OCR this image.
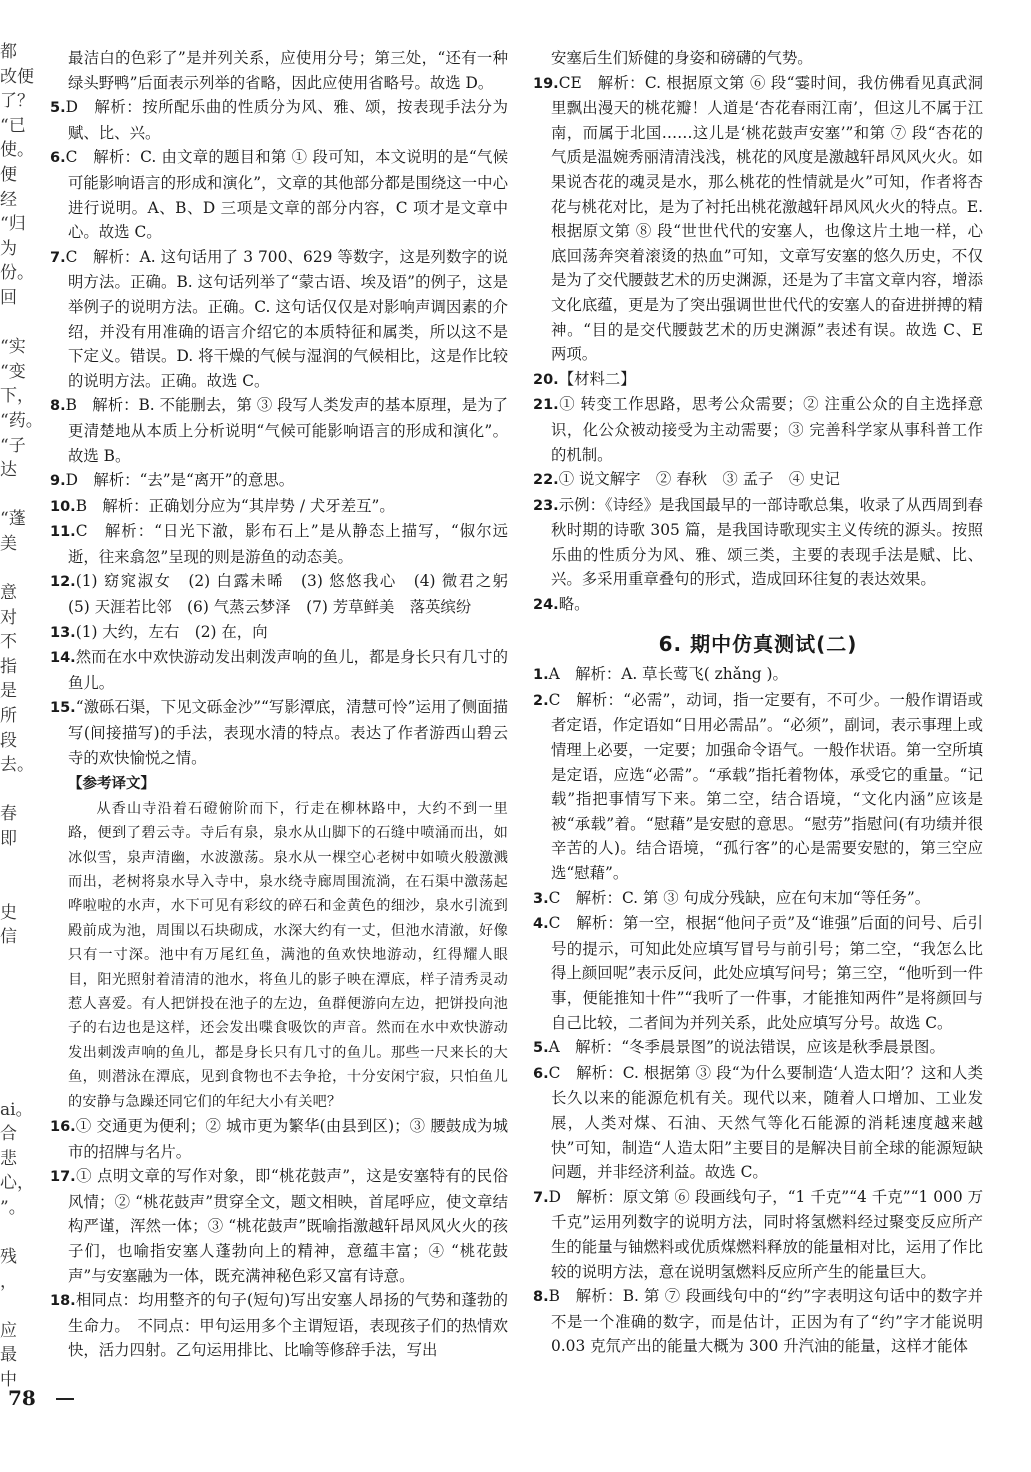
都
改便
了？
“已
使。
便
经
“归
为
份。
回
“实
“变
下，
“药。
“子
达
“蓬
美
意
对
不
指
是
所
段
去。
春
即
史
信
ai。
合
悲
心，
”。
残
，
应
最
中

最洁白的色彩了”是并列关系，应使用分号；第三处，“还有一种绿头野鸭”后面表示列举的省略，因此应使用省略号。故选 D。

5.D　解析：按所配乐曲的性质分为风、雅、颂，按表现手法分为赋、比、兴。

6.C　解析：C. 由文章的题目和第 ① 段可知，本文说明的是“气候可能影响语言的形成和演化”，文章的其他部分都是围绕这一中心进行说明。A、B、D 三项是文章的部分内容，C 项才是文章中心。故选 C。

7.C　解析：A. 这句话用了 3 700、629 等数字，这是列数字的说明方法。正确。B. 这句话列举了“蒙古语、埃及语”的例子，这是举例子的说明方法。正确。C. 这句话仅仅是对影响声调因素的介绍，并没有用准确的语言介绍它的本质特征和属类，所以这不是下定义。错误。D. 将干燥的气候与湿润的气候相比，这是作比较的说明方法。正确。故选 C。

8.B　解析：B. 不能删去，第 ③ 段写人类发声的基本原理，是为了更清楚地从本质上分析说明“气候可能影响语言的形成和演化”。故选 B。

9.D　解析：“去”是“离开”的意思。

10.B　解析：正确划分应为“其岸势 / 犬牙差互”。

11.C　解析：“日光下澈，影布石上”是从静态上描写，“俶尔远逝，往来翕忽”呈现的则是游鱼的动态美。

12.(1) 窈窕淑女　(2) 白露未晞　(3) 悠悠我心　(4) 微君之躬　(5) 天涯若比邻　(6) 气蒸云梦泽　(7) 芳草鲜美　落英缤纷

13.(1) 大约，左右　(2) 在，向

14.然而在水中欢快游动发出刺泼声响的鱼儿，都是身长只有几寸的鱼儿。

15.“激砾石渠，下见文砾金沙”“写影潭底，清慧可怜”运用了侧面描写(间接描写)的手法，表现水清的特点。表达了作者游西山碧云寺的欢快愉悦之情。

【参考译文】

从香山寺沿着石磴俯阶而下，行走在柳林路中，大约不到一里路，便到了碧云寺。寺后有泉，泉水从山脚下的石缝中喷涌而出，如冰似雪，泉声清幽，水波激荡。泉水从一棵空心老树中如喷火般激溅而出，老树将泉水导入寺中，泉水绕寺廊周围流淌，在石渠中激荡起哗啦啦的水声，水下可见有彩纹的碎石和金黄色的细沙，泉水引流到殿前成为池，周围以石块砌成，水深大约有一丈，但池水清澈，好像只有一寸深。池中有万尾红鱼，满池的鱼欢快地游动，红得耀人眼目，阳光照射着清清的池水，将鱼儿的影子映在潭底，样子清秀灵动惹人喜爱。有人把饼投在池子的左边，鱼群便游向左边，把饼投向池子的右边也是这样，还会发出喋食吸饮的声音。然而在水中欢快游动发出刺泼声响的鱼儿，都是身长只有几寸的鱼儿。那些一尺来长的大鱼，则潜泳在潭底，见到食物也不去争抢，十分安闲宁寂，只怕鱼儿的安静与急躁还同它们的年纪大小有关吧？

16.① 交通更为便利；② 城市更为繁华(由县到区)；③ 腰鼓成为城市的招牌与名片。

17.① 点明文章的写作对象，即“桃花鼓声”，这是安塞特有的民俗风情；② “桃花鼓声”贯穿全文，题文相映，首尾呼应，使文章结构严谨，浑然一体；③ “桃花鼓声”既喻指激越轩昂风风火火的孩子们，也喻指安塞人蓬勃向上的精神，意蕴丰富；④ “桃花鼓声”与安塞融为一体，既充满神秘色彩又富有诗意。

18.相同点：均用整齐的句子(短句)写出安塞人昂扬的气势和蓬勃的生命力。　不同点：甲句运用多个主谓短语，表现孩子们的热情欢快，活力四射。乙句运用排比、比喻等修辞手法，写出

安塞后生们矫健的身姿和磅礴的气势。

19.CE　解析：C. 根据原文第 ⑥ 段“霎时间，我仿佛看见真武洞里飘出漫天的桃花瓣！人道是‘杏花春雨江南’，但这儿不属于江南，而属于北国……这儿是‘桃花鼓声安塞’”和第 ⑦ 段“杏花的气质是温婉秀丽清清浅浅，桃花的风度是激越轩昂风风火火。如果说杏花的魂灵是水，那么桃花的性情就是火”可知，作者将杏花与桃花对比，是为了衬托出桃花激越轩昂风风火火的特点。E. 根据原文第 ⑧ 段“世世代代的安塞人，也像这片土地一样，心底回荡奔突着滚烫的热血”可知，文章写安塞的悠久历史，不仅是为了交代腰鼓艺术的历史渊源，还是为了丰富文章内容，增添文化底蕴，更是为了突出强调世世代代的安塞人的奋进拼搏的精神。“目的是交代腰鼓艺术的历史渊源”表述有误。故选 C、E 两项。

20.【材料二】

21.① 转变工作思路，思考公众需要；② 注重公众的自主选择意识，化公众被动接受为主动需要；③ 完善科学家从事科普工作的机制。

22.① 说文解字　② 春秋　③ 孟子　④ 史记

23.示例：《诗经》是我国最早的一部诗歌总集，收录了从西周到春秋时期的诗歌 305 篇，是我国诗歌现实主义传统的源头。按照乐曲的性质分为风、雅、颂三类，主要的表现手法是赋、比、兴。多采用重章叠句的形式，造成回环往复的表达效果。

24.略。

6. 期中仿真测试(二)

1.A　解析：A. 草长莺飞( zhǎng )。

2.C　解析：“必需”，动词，指一定要有，不可少。一般作谓语或者定语，作定语如“日用必需品”。“必须”，副词，表示事理上或情理上必要，一定要；加强命令语气。一般作状语。第一空所填是定语，应选“必需”。“承载”指托着物体，承受它的重量。“记载”指把事情写下来。第二空，结合语境，“文化内涵”应该是被“承载”着。“慰藉”是安慰的意思。“慰劳”指慰问(有功绩并很辛苦的人)。结合语境，“孤行客”的心是需要安慰的，第三空应选“慰藉”。

3.C　解析：C. 第 ③ 句成分残缺，应在句末加“等任务”。

4.C　解析：第一空，根据“他问子贡”及“谁强”后面的问号、后引号的提示，可知此处应填写冒号与前引号；第二空，“我怎么比得上颜回呢”表示反问，此处应填写问号；第三空，“他听到一件事，便能推知十件”“我听了一件事，才能推知两件”是将颜回与自己比较，二者间为并列关系，此处应填写分号。故选 C。

5.A　解析：“冬季晨景图”的说法错误，应该是秋季晨景图。

6.C　解析：C. 根据第 ③ 段“为什么要制造‘人造太阳’？这和人类长久以来的能源危机有关。现代以来，随着人口增加、工业发展，人类对煤、石油、天然气等化石能源的消耗速度越来越快”可知，制造“人造太阳”主要目的是解决目前全球的能源短缺问题，并非经济利益。故选 C。

7.D　解析：原文第 ⑥ 段画线句子，“1 千克”“4 千克”“1 000 万千克”运用列数字的说明方法，同时将氢燃料经过聚变反应所产生的能量与铀燃料或优质煤燃料释放的能量相对比，运用了作比较的说明方法，意在说明氢燃料反应所产生的能量巨大。

8.B　解析：B. 第 ⑦ 段画线句中的“约”字表明这句话中的数字并不是一个准确的数字，而是估计，正因为有了“约”字才能说明 0.03 克氘产出的能量大概为 300 升汽油的能量，这样才能体

78
